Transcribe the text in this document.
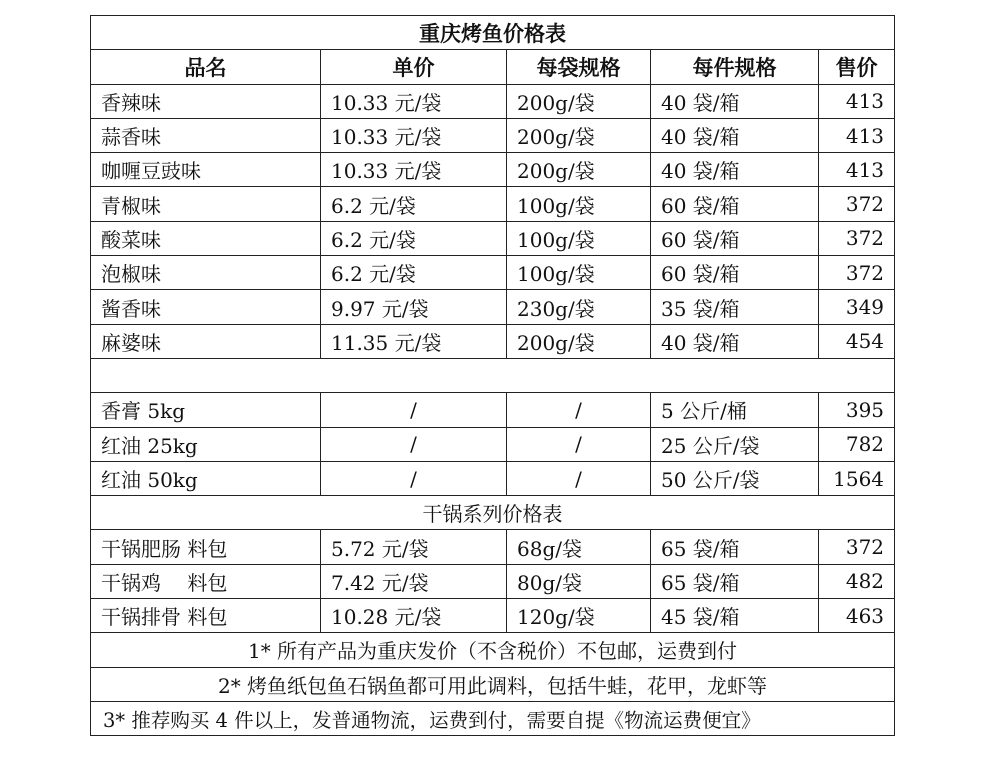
重庆烤鱼价格表				
品名	单价	每袋规格	每件规格	售价
香辣味	10.33 元/袋	200g/袋	40 袋/箱	413
蒜香味	10.33 元/袋	200g/袋	40 袋/箱	413
咖喱豆豉味	10.33 元/袋	200g/袋	40 袋/箱	413
青椒味	6.2 元/袋	100g/袋	60 袋/箱	372
酸菜味	6.2 元/袋	100g/袋	60 袋/箱	372
泡椒味	6.2 元/袋	100g/袋	60 袋/箱	372
酱香味	9.97 元/袋	230g/袋	35 袋/箱	349
麻婆味	11.35 元/袋	200g/袋	40 袋/箱	454

香膏 5kg	/	/	5 公斤/桶	395
红油 25kg	/	/	25 公斤/袋	782
红油 50kg	/	/	50 公斤/袋	1564
干锅系列价格表				
干锅肥肠 料包	5.72 元/袋	68g/袋	65 袋/箱	372
干锅鸡　 料包	7.42 元/袋	80g/袋	65 袋/箱	482
干锅排骨 料包	10.28 元/袋	120g/袋	45 袋/箱	463
1* 所有产品为重庆发价（不含税价）不包邮，运费到付				
2* 烤鱼纸包鱼石锅鱼都可用此调料，包括牛蛙，花甲，龙虾等				
3* 推荐购买 4 件以上，发普通物流，运费到付，需要自提《物流运费便宜》				
